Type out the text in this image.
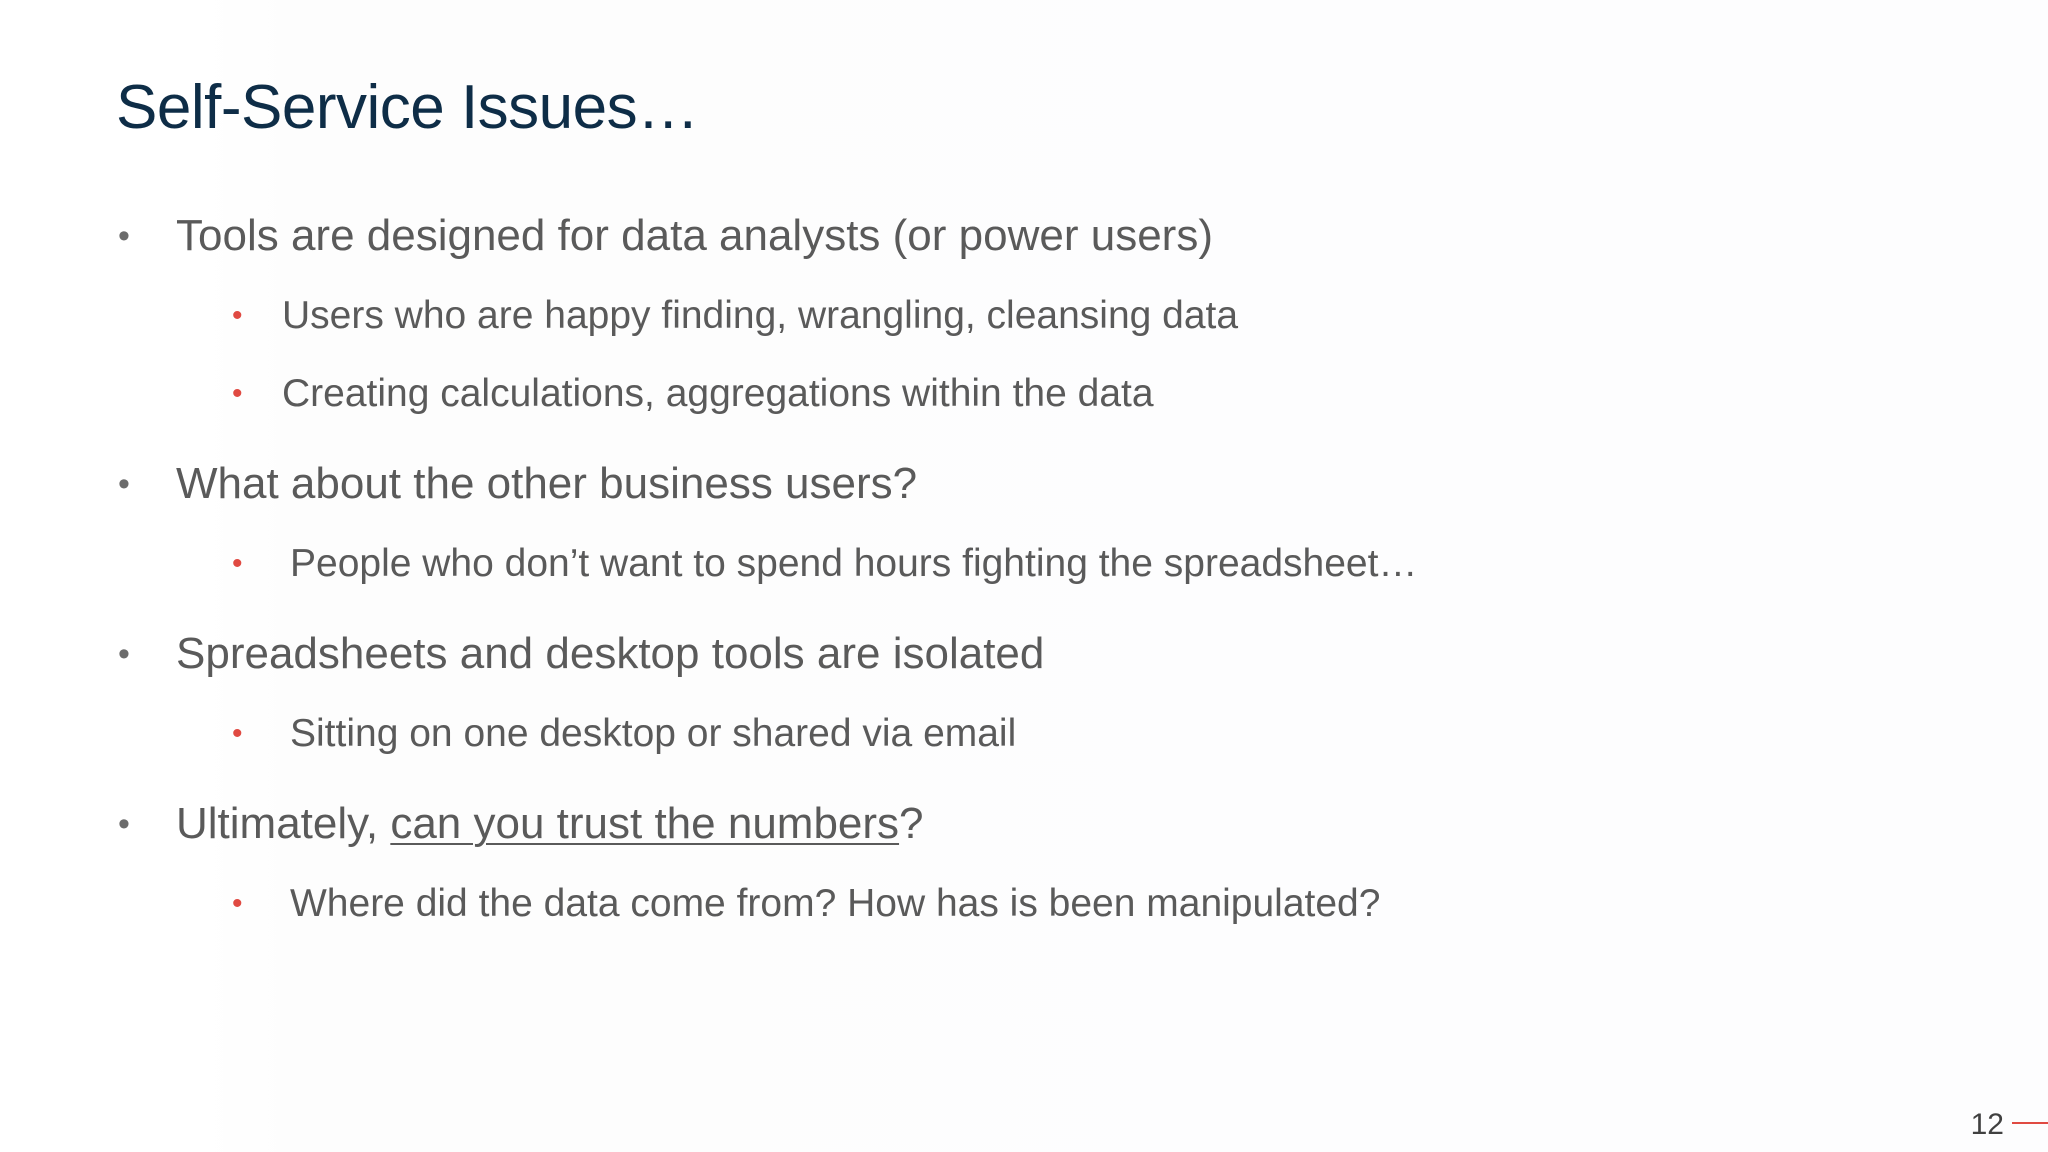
Self-Service Issues…
• Tools are designed for data analysts (or power users)
• Users who are happy finding, wrangling, cleansing data
• Creating calculations, aggregations within the data
• What about the other business users?
• People who don’t want to spend hours fighting the spreadsheet…
• Spreadsheets and desktop tools are isolated
• Sitting on one desktop or shared via email
• Ultimately, can you trust the numbers?
• Where did the data come from? How has is been manipulated?
12
